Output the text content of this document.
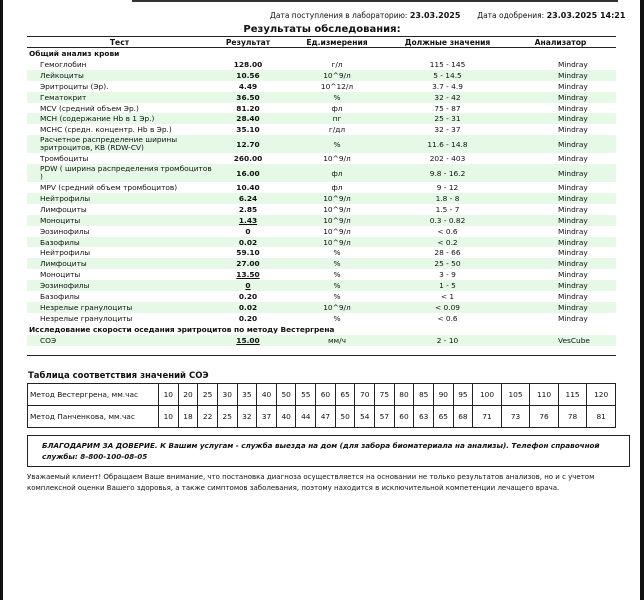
Дата поступления в лабораторию: 23.03.2025 Дата одобрения: 23.03.2025 14:21
Результаты обследования:
Тест	Результат	Ед.измерения	Должные значения	Анализатор
Общий анализ крови				
Гемоглобин	128.00	г/л	115 - 145	Mindray
Лейкоциты	10.56	10^9/л	5 - 14.5	Mindray
Эритроциты (Эр).	4.49	10^12/л	3.7 - 4.9	Mindray
Гематокрит	36.50	%	32 - 42	Mindray
MCV (средний объем Эр.)	81.20	фл	75 - 87	Mindray
MCH (содержание Hb в 1 Эр.)	28.40	пг	25 - 31	Mindray
MCHC (средн. концентр. Hb в Эр.)	35.10	г/дл	32 - 37	Mindray
Расчетное распределение ширины эритроцитов, КВ (RDW-CV)	12.70	%	11.6 - 14.8	Mindray
Тромбоциты	260.00	10^9/л	202 - 403	Mindray
PDW ( ширина распределения тромбоцитов )	16.00	фл	9.8 - 16.2	Mindray
MPV (средний объем тромбоцитов)	10.40	фл	9 - 12	Mindray
Нейтрофилы	6.24	10^9/л	1.8 - 8	Mindray
Лимфоциты	2.85	10^9/л	1.5 - 7	Mindray
Моноциты	1.43	10^9/л	0.3 - 0.82	Mindray
Эозинофилы	0	10^9/л	< 0.6	Mindray
Базофилы	0.02	10^9/л	< 0.2	Mindray
Нейтрофилы	59.10	%	28 - 66	Mindray
Лимфоциты	27.00	%	25 - 50	Mindray
Моноциты	13.50	%	3 - 9	Mindray
Эозинофилы	0	%	1 - 5	Mindray
Базофилы	0.20	%	< 1	Mindray
Незрелые гранулоциты	0.02	10^9/л	< 0.09	Mindray
Незрелые гранулоциты	0.20	%	< 0.6	Mindray
Исследование скорости оседания эритроцитов по методу Вестергрена				
СОЭ	15.00	мм/ч	2 - 10	VesCube
Таблица соответствия значений СОЭ
Метод Вестергрена, мм.час	10	20	25	30	35	40	50	55	60	65	70	75	80	85	90	95	100	105	110	115	120
Метод Панченкова, мм.час	10	18	22	25	32	37	40	44	47	50	54	57	60	63	65	68	71	73	76	78	81
БЛАГОДАРИМ ЗА ДОВЕРИЕ. К Вашим услугам - служба выезда на дом (для забора биоматериала на анализы). Телефон справочной службы: 8-800-100-08-05
Уважаемый клиент! Обращаем Ваше внимание, что постановка диагноза осуществляется на основании не только результатов анализов, но и с учетом комплексной оценки Вашего здоровья, а также симптомов заболевания, поэтому находится в исключительной компетенции лечащего врача.
